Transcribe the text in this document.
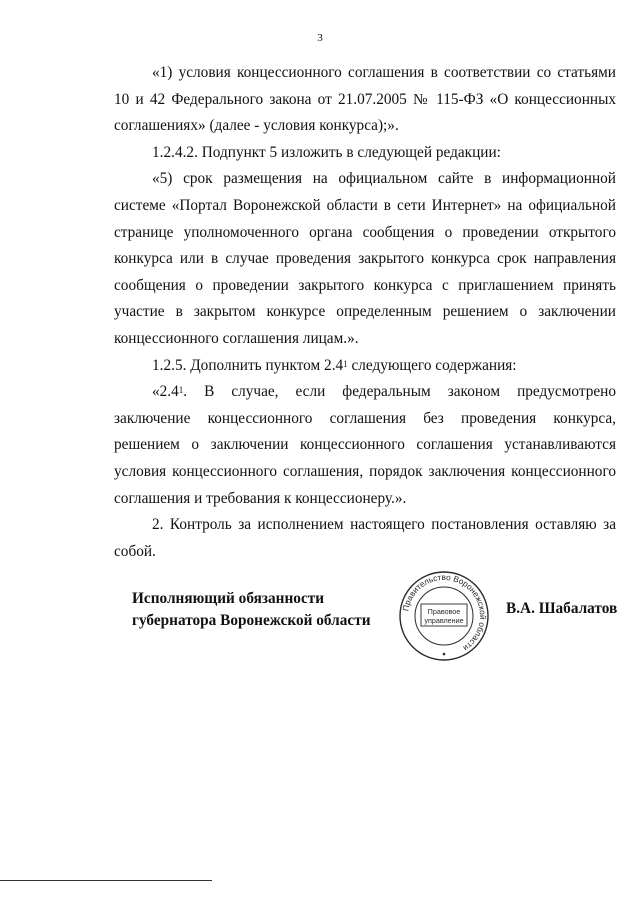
3

«1) условия концессионного соглашения в соответствии со статьями 10 и 42 Федерального закона от 21.07.2005 № 115-ФЗ «О концессионных соглашениях» (далее - условия конкурса);».

1.2.4.2. Подпункт 5 изложить в следующей редакции:

«5) срок размещения на официальном сайте в информационной системе «Портал Воронежской области в сети Интернет» на официальной странице уполномоченного органа сообщения о проведении открытого конкурса или в случае проведения закрытого конкурса срок направления сообщения о проведении закрытого конкурса с приглашением принять участие в закрытом конкурсе определенным решением о заключении концессионного соглашения лицам.».

1.2.5. Дополнить пунктом $2.4^1$ следующего содержания:

«$2.4^1$. В случае, если федеральным законом предусмотрено заключение концессионного соглашения без проведения конкурса, решением о заключении концессионного соглашения устанавливаются условия концессионного соглашения, порядок заключения концессионного соглашения и требования к концессионеру.».

2. Контроль за исполнением настоящего постановления оставляю за собой.

Исполняющий обязанности
губернатора Воронежской области
Правительство Воронежской области
Правовое
управление
В.А. Шабалатов
